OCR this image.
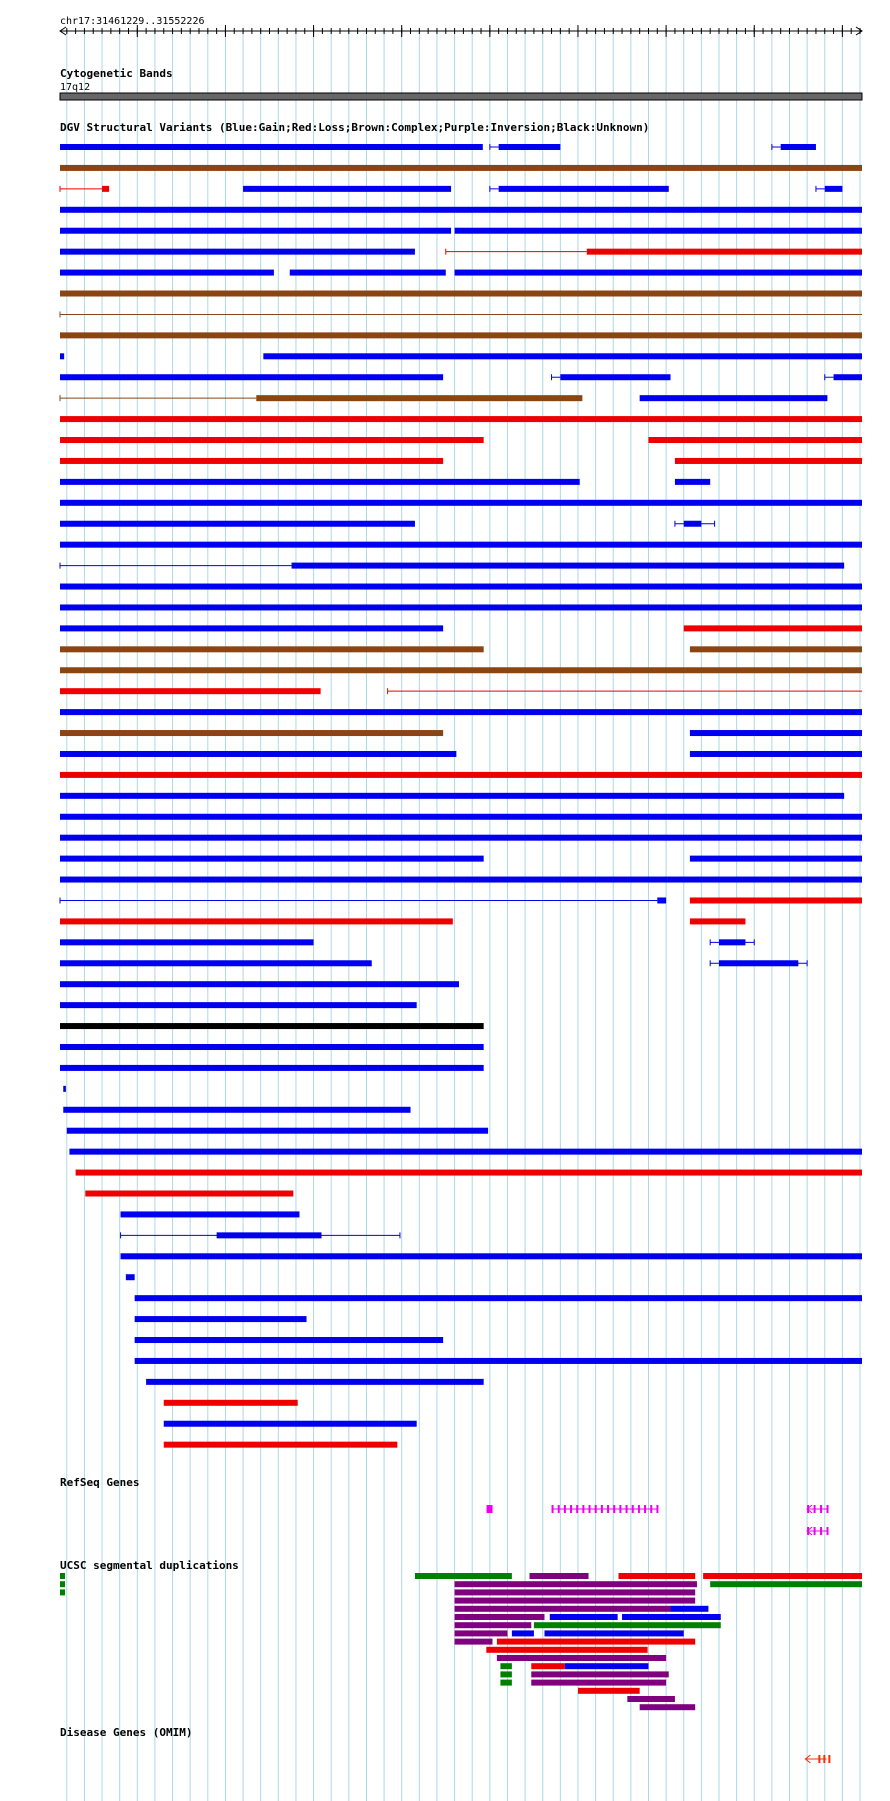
chr17:31461229..31552226
Cytogenetic Bands
17q12
DGV Structural Variants (Blue:Gain;Red:Loss;Brown:Complex;Purple:Inversion;Black:Unknown)
RefSeq Genes
UCSC segmental duplications
Disease Genes (OMIM)
